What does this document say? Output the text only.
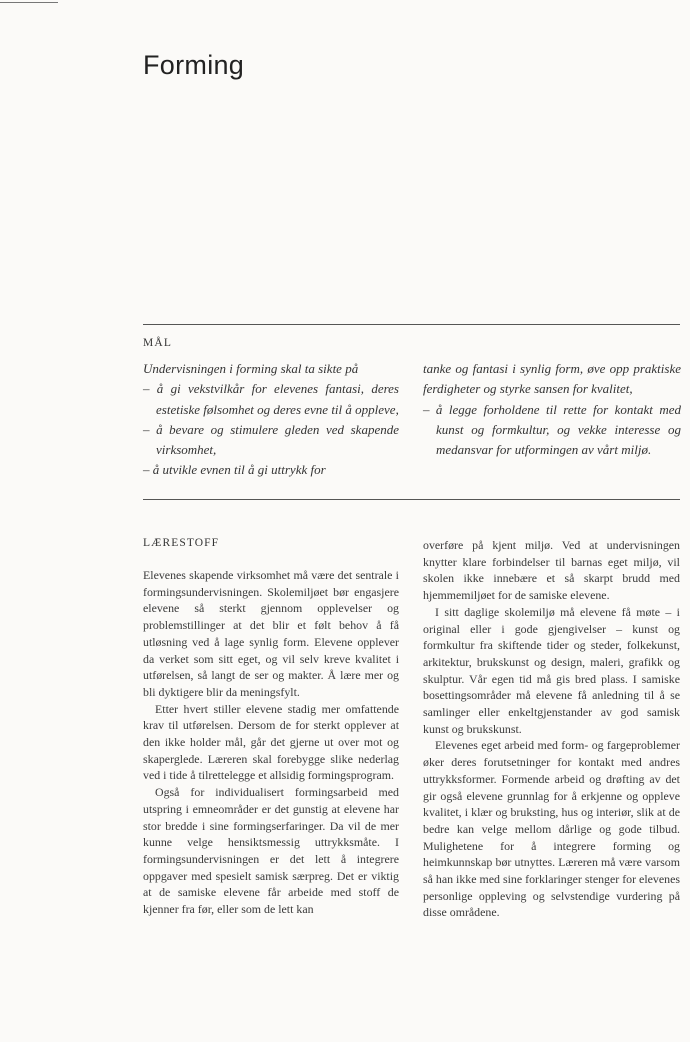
Forming
MÅL
Undervisningen i forming skal ta sikte på
– å gi vekstvilkår for elevenes fantasi, deres estetiske følsomhet og deres evne til å oppleve,
– å bevare og stimulere gleden ved skapende virksomhet,
– å utvikle evnen til å gi uttrykk for
tanke og fantasi i synlig form, øve opp praktiske ferdigheter og styrke sansen for kvalitet,
– å legge forholdene til rette for kontakt med kunst og formkultur, og vekke interesse og medansvar for utformingen av vårt miljø.
LÆRESTOFF

Elevenes skapende virksomhet må være det sentrale i formingsundervisningen. Skolemiljøet bør engasjere elevene så sterkt gjennom opplevelser og problemstillinger at det blir et følt behov å få utløsning ved å lage synlig form. Elevene opplever da verket som sitt eget, og vil selv kreve kvalitet i utførelsen, så langt de ser og makter. Å lære mer og bli dyktigere blir da meningsfylt.

Etter hvert stiller elevene stadig mer omfattende krav til utførelsen. Dersom de for sterkt opplever at den ikke holder mål, går det gjerne ut over mot og skaperglede. Læreren skal forebygge slike nederlag ved i tide å tilrettelegge et allsidig formingsprogram.

Også for individualisert formingsarbeid med utspring i emneområder er det gunstig at elevene har stor bredde i sine formingserfaringer. Da vil de mer kunne velge hensiktsmessig uttrykksmåte. I formingsundervisningen er det lett å integrere oppgaver med spesielt samisk særpreg. Det er viktig at de samiske elevene får arbeide med stoff de kjenner fra før, eller som de lett kan

overføre på kjent miljø. Ved at undervisningen knytter klare forbindelser til barnas eget miljø, vil skolen ikke innebære et så skarpt brudd med hjemmemiljøet for de samiske elevene.

I sitt daglige skolemiljø må elevene få møte – i original eller i gode gjengivelser – kunst og formkultur fra skiftende tider og steder, folkekunst, arkitektur, brukskunst og design, maleri, grafikk og skulptur. Vår egen tid må gis bred plass. I samiske bosettingsområder må elevene få anledning til å se samlinger eller enkeltgjenstander av god samisk kunst og brukskunst.

Elevenes eget arbeid med form- og fargeproblemer øker deres forutsetninger for kontakt med andres uttrykksformer. Formende arbeid og drøfting av det gir også elevene grunnlag for å erkjenne og oppleve kvalitet, i klær og bruksting, hus og interiør, slik at de bedre kan velge mellom dårlige og gode tilbud. Mulighetene for å integrere forming og heimkunnskap bør utnyttes. Læreren må være varsom så han ikke med sine forklaringer stenger for elevenes personlige oppleving og selvstendige vurdering på disse områdene.
